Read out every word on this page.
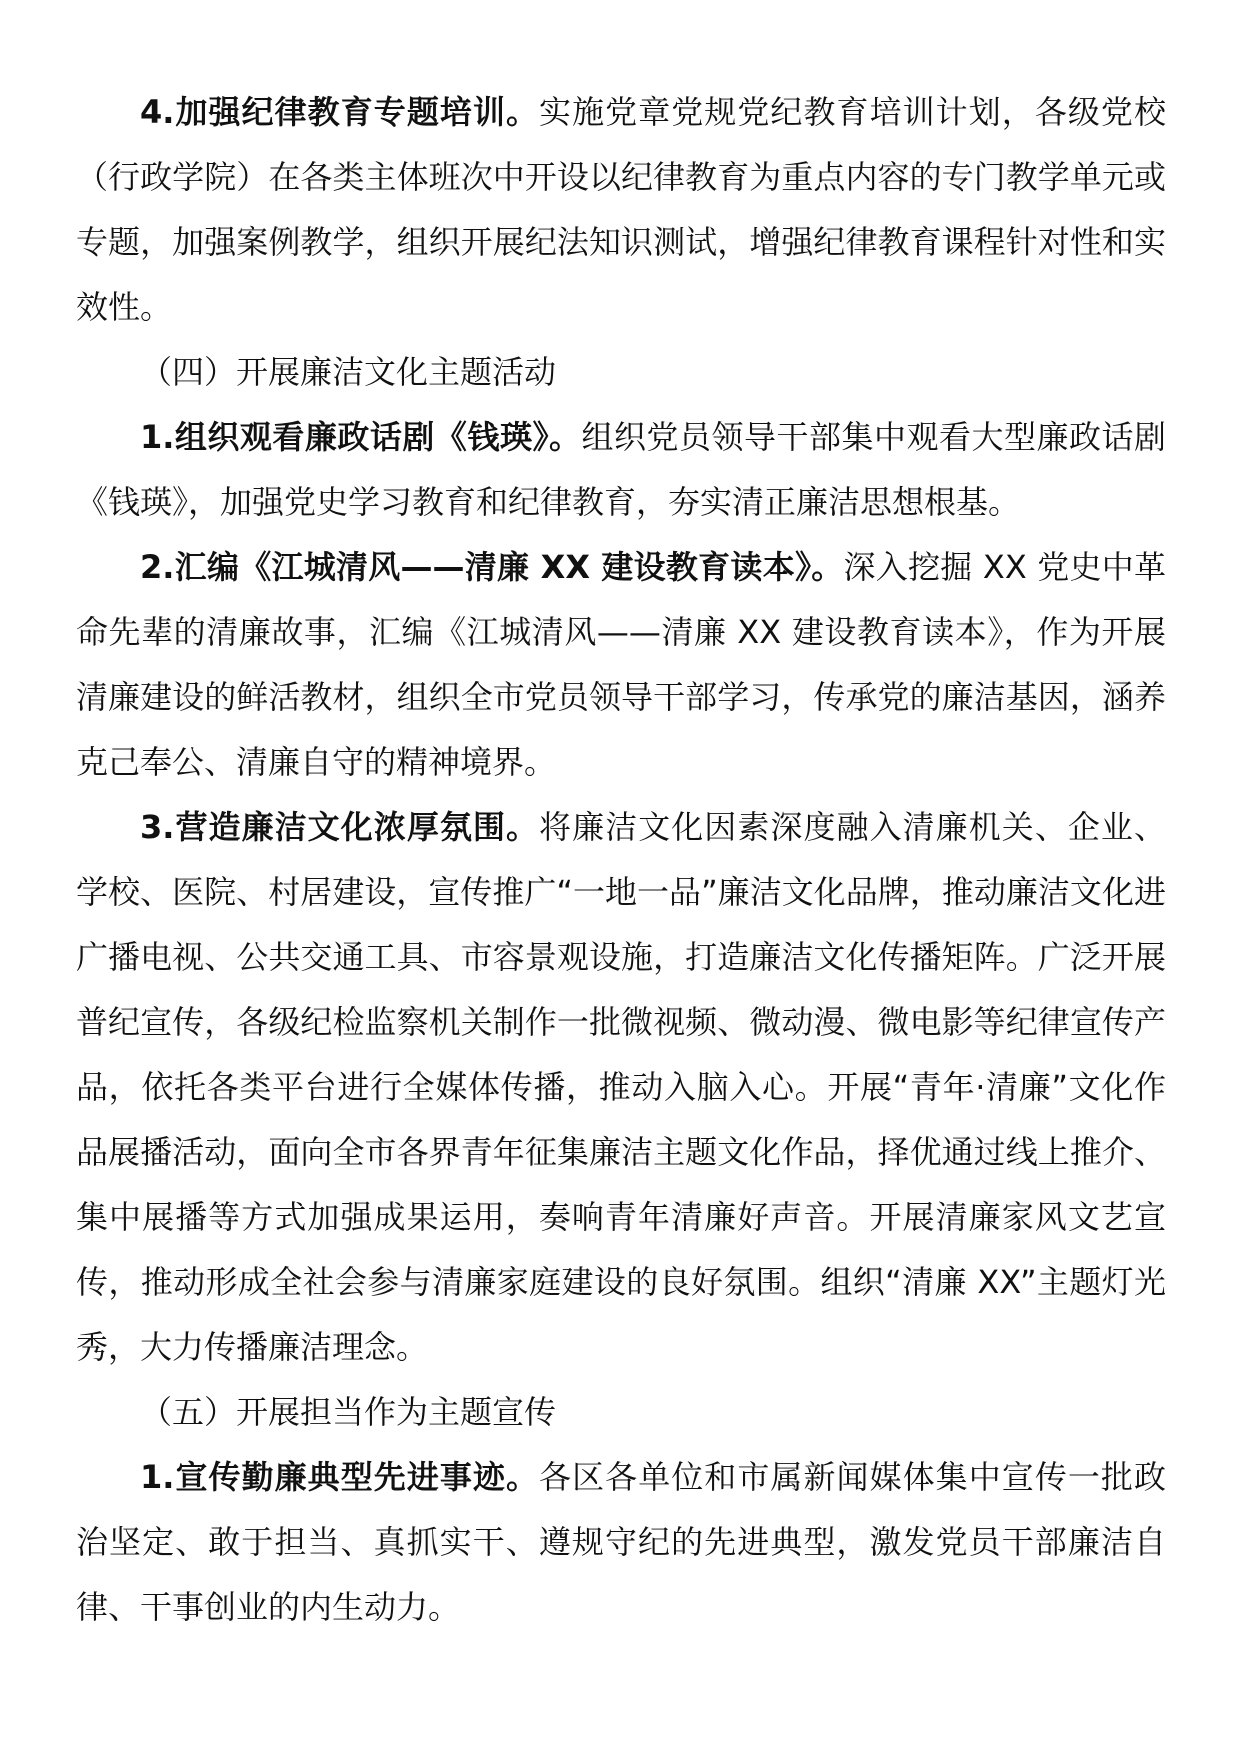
4.加强纪律教育专题培训。实施党章党规党纪教育培训计划，各级党校（行政学院）在各类主体班次中开设以纪律教育为重点内容的专门教学单元或专题，加强案例教学，组织开展纪法知识测试，增强纪律教育课程针对性和实效性。

（四）开展廉洁文化主题活动

1.组织观看廉政话剧《钱瑛》。组织党员领导干部集中观看大型廉政话剧《钱瑛》，加强党史学习教育和纪律教育，夯实清正廉洁思想根基。

2.汇编《江城清风——清廉 XX 建设教育读本》。深入挖掘 XX 党史中革命先辈的清廉故事，汇编《江城清风——清廉 XX 建设教育读本》，作为开展清廉建设的鲜活教材，组织全市党员领导干部学习，传承党的廉洁基因，涵养克己奉公、清廉自守的精神境界。

3.营造廉洁文化浓厚氛围。将廉洁文化因素深度融入清廉机关、企业、学校、医院、村居建设，宣传推广“一地一品”廉洁文化品牌，推动廉洁文化进广播电视、公共交通工具、市容景观设施，打造廉洁文化传播矩阵。广泛开展普纪宣传，各级纪检监察机关制作一批微视频、微动漫、微电影等纪律宣传产品，依托各类平台进行全媒体传播，推动入脑入心。开展“青年·清廉”文化作品展播活动，面向全市各界青年征集廉洁主题文化作品，择优通过线上推介、集中展播等方式加强成果运用，奏响青年清廉好声音。开展清廉家风文艺宣传，推动形成全社会参与清廉家庭建设的良好氛围。组织“清廉 XX”主题灯光秀，大力传播廉洁理念。

（五）开展担当作为主题宣传

1.宣传勤廉典型先进事迹。各区各单位和市属新闻媒体集中宣传一批政治坚定、敢于担当、真抓实干、遵规守纪的先进典型，激发党员干部廉洁自律、干事创业的内生动力。
